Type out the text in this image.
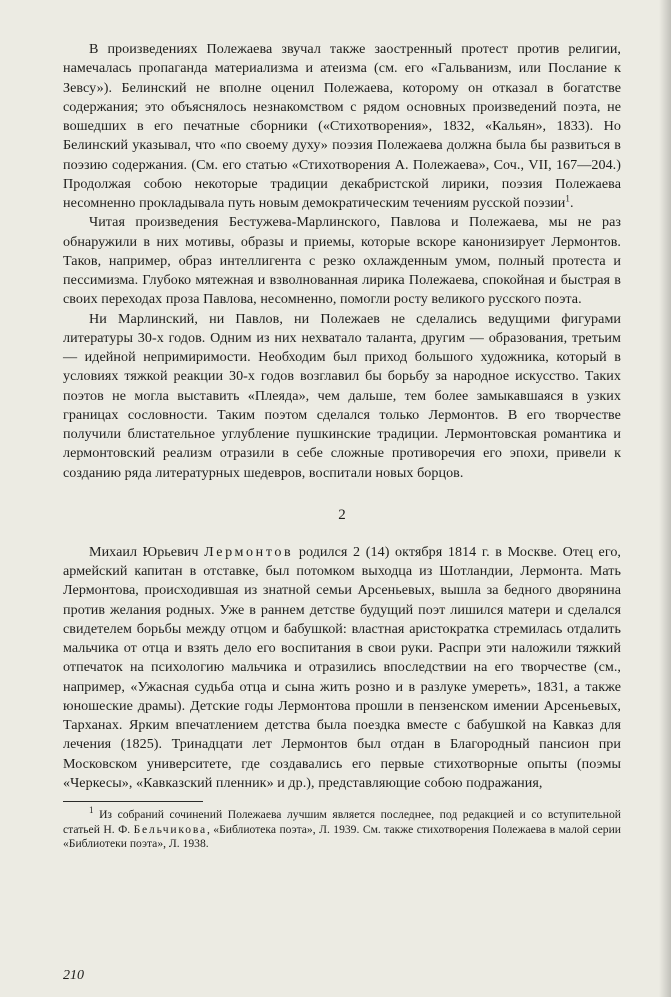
В произведениях Полежаева звучал также заостренный протест против религии, намечалась пропаганда материализма и атеизма (см. его «Гальванизм, или Послание к Зевсу»). Белинский не вполне оценил Полежаева, которому он отказал в богатстве содержания; это объяснялось незнакомством с рядом основных произведений поэта, не вошедших в его печатные сборники («Стихотворения», 1832, «Кальян», 1833). Но Белинский указывал, что «по своему духу» поэзия Полежаева должна была бы развиться в поэзию содержания. (См. его статью «Стихотворения А. Полежаева», Соч., VII, 167—204.) Продолжая собою некоторые традиции декабристской лирики, поэзия Полежаева несомненно прокладывала путь новым демократическим течениям русской поэзии$^1$.

Читая произведения Бестужева-Марлинского, Павлова и Полежаева, мы не раз обнаружили в них мотивы, образы и приемы, которые вскоре канонизирует Лермонтов. Таков, например, образ интеллигента с резко охлажденным умом, полный протеста и пессимизма. Глубоко мятежная и взволнованная лирика Полежаева, спокойная и быстрая в своих переходах проза Павлова, несомненно, помогли росту великого русского поэта.

Ни Марлинский, ни Павлов, ни Полежаев не сделались ведущими фигурами литературы 30-х годов. Одним из них нехватало таланта, другим — образования, третьим — идейной непримиримости. Необходим был приход большого художника, который в условиях тяжкой реакции 30-х годов возглавил бы борьбу за народное искусство. Таких поэтов не могла выставить «Плеяда», чем дальше, тем более замыкавшаяся в узких границах сословности. Таким поэтом сделался только Лермонтов. В его творчестве получили блистательное углубление пушкинские традиции. Лермонтовская романтика и лермонтовский реализм отразили в себе сложные противоречия его эпохи, привели к созданию ряда литературных шедевров, воспитали новых борцов.

2

Михаил Юрьевич Лермонтов родился 2 (14) октября 1814 г. в Москве. Отец его, армейский капитан в отставке, был потомком выходца из Шотландии, Лермонта. Мать Лермонтова, происходившая из знатной семьи Арсеньевых, вышла за бедного дворянина против желания родных. Уже в раннем детстве будущий поэт лишился матери и сделался свидетелем борьбы между отцом и бабушкой: властная аристократка стремилась отдалить мальчика от отца и взять дело его воспитания в свои руки. Распри эти наложили тяжкий отпечаток на психологию мальчика и отразились впоследствии на его творчестве (см., например, «Ужасная судьба отца и сына жить розно и в разлуке умереть», 1831, а также юношеские драмы). Детские годы Лермонтова прошли в пензенском имении Арсеньевых, Тарханах. Ярким впечатлением детства была поездка вместе с бабушкой на Кавказ для лечения (1825). Тринадцати лет Лермонтов был отдан в Благородный пансион при Московском университете, где создавались его первые стихотворные опыты (поэмы «Черкесы», «Кавказский пленник» и др.), представляющие собою подражания,

$^1$ Из собраний сочинений Полежаева лучшим является последнее, под редакцией и со вступительной статьей Н. Ф. Бельчикова, «Библиотека поэта», Л. 1939. См. также стихотворения Полежаева в малой серии «Библиотеки поэта», Л. 1938.

210
